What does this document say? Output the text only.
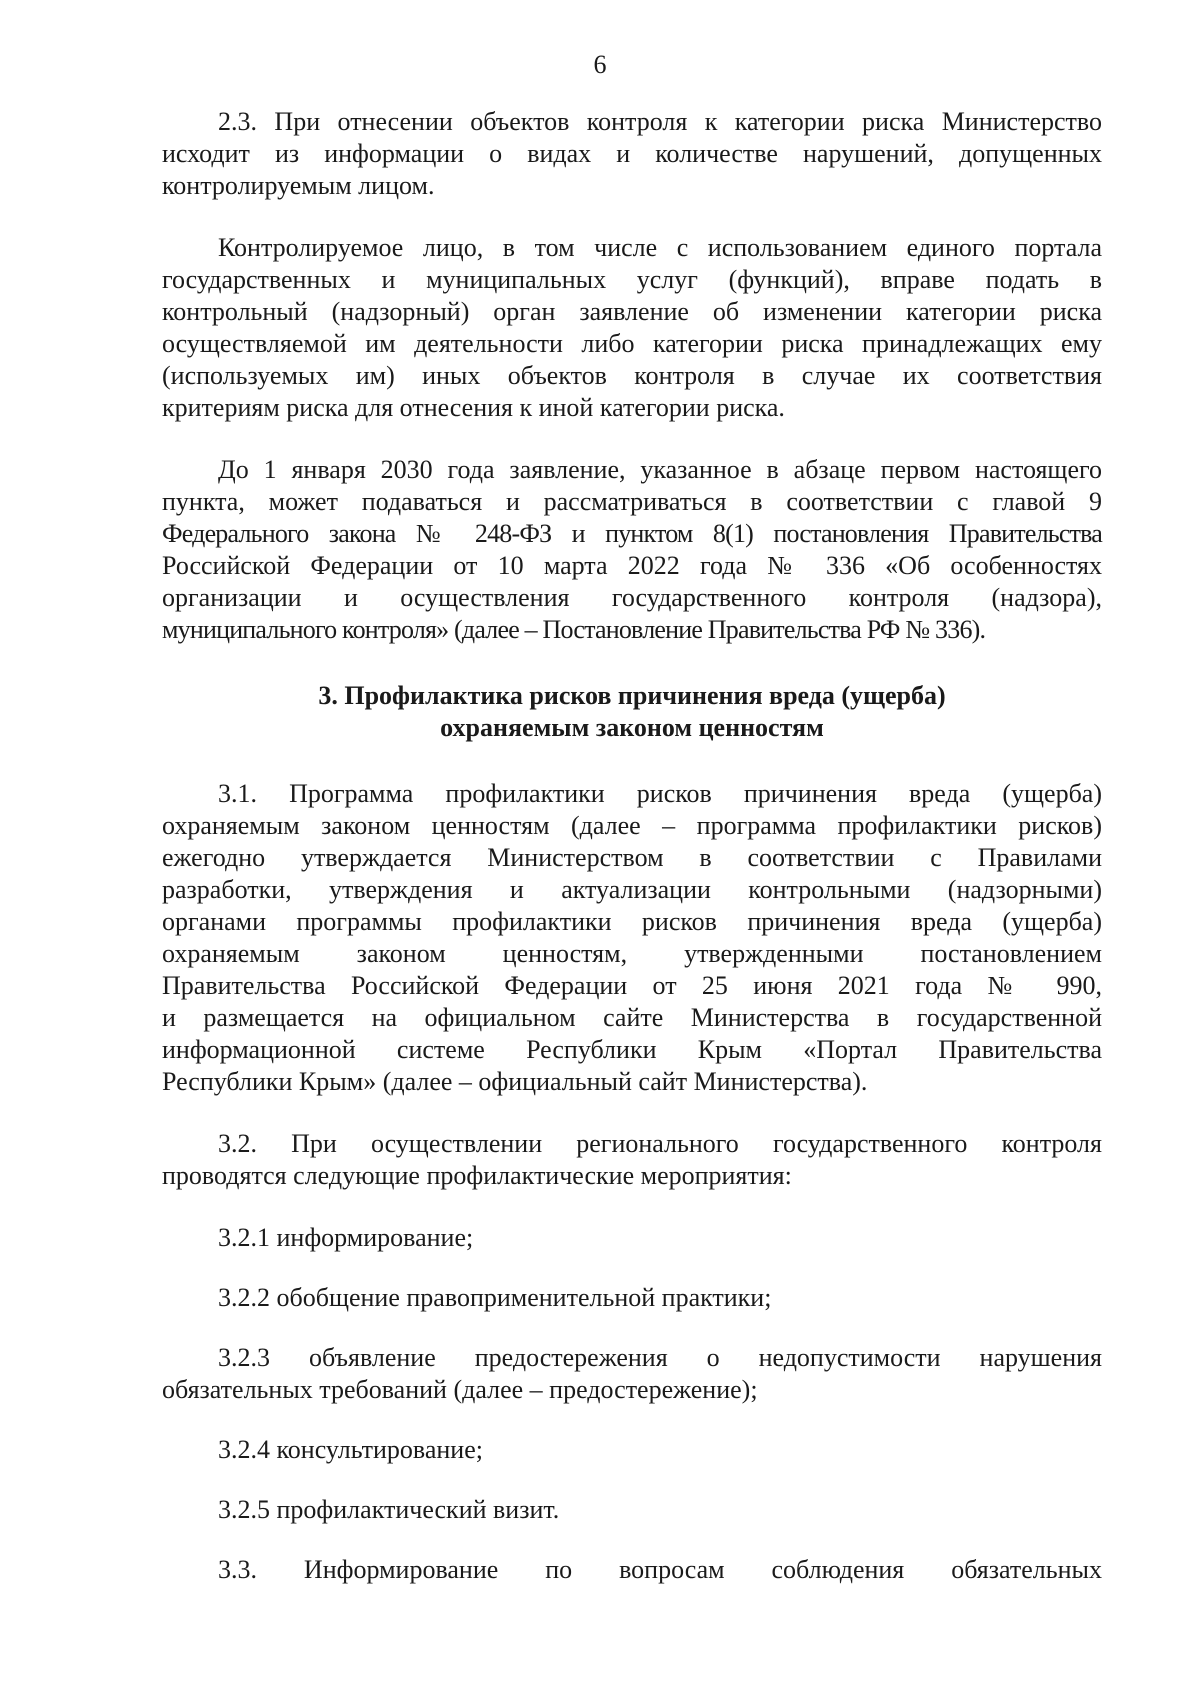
6

2.3. При отнесении объектов контроля к категории риска Министерство

исходит из информации о видах и количестве нарушений, допущенных

контролируемым лицом.

Контролируемое лицо, в том числе с использованием единого портала

государственных и муниципальных услуг (функций), вправе подать в

контрольный (надзорный) орган заявление об изменении категории риска

осуществляемой им деятельности либо категории риска принадлежащих ему

(используемых им) иных объектов контроля в случае их соответствия

критериям риска для отнесения к иной категории риска.

До 1 января 2030 года заявление, указанное в абзаце первом настоящего

пункта, может подаваться и рассматриваться в соответствии с главой 9

Федерального закона № 248-ФЗ и пунктом 8(1) постановления Правительства

Российской Федерации от 10 марта 2022 года № 336 «Об особенностях

организации и осуществления государственного контроля (надзора),

муниципального контроля» (далее – Постановление Правительства РФ № 336).

3. Профилактика рисков причинения вреда (ущерба)
охраняемым законом ценностям

3.1. Программа профилактики рисков причинения вреда (ущерба)

охраняемым законом ценностям (далее – программа профилактики рисков)

ежегодно утверждается Министерством в соответствии с Правилами

разработки, утверждения и актуализации контрольными (надзорными)

органами программы профилактики рисков причинения вреда (ущерба)

охраняемым законом ценностям, утвержденными постановлением

Правительства Российской Федерации от 25 июня 2021 года № 990,

и размещается на официальном сайте Министерства в государственной

информационной системе Республики Крым «Портал Правительства

Республики Крым» (далее – официальный сайт Министерства).

3.2. При осуществлении регионального государственного контроля

проводятся следующие профилактические мероприятия:

3.2.1 информирование;
3.2.2 обобщение правоприменительной практики;

3.2.3 объявление предостережения о недопустимости нарушения

обязательных требований (далее – предостережение);

3.2.4 консультирование;
3.2.5 профилактический визит.

3.3. Информирование по вопросам соблюдения обязательных
